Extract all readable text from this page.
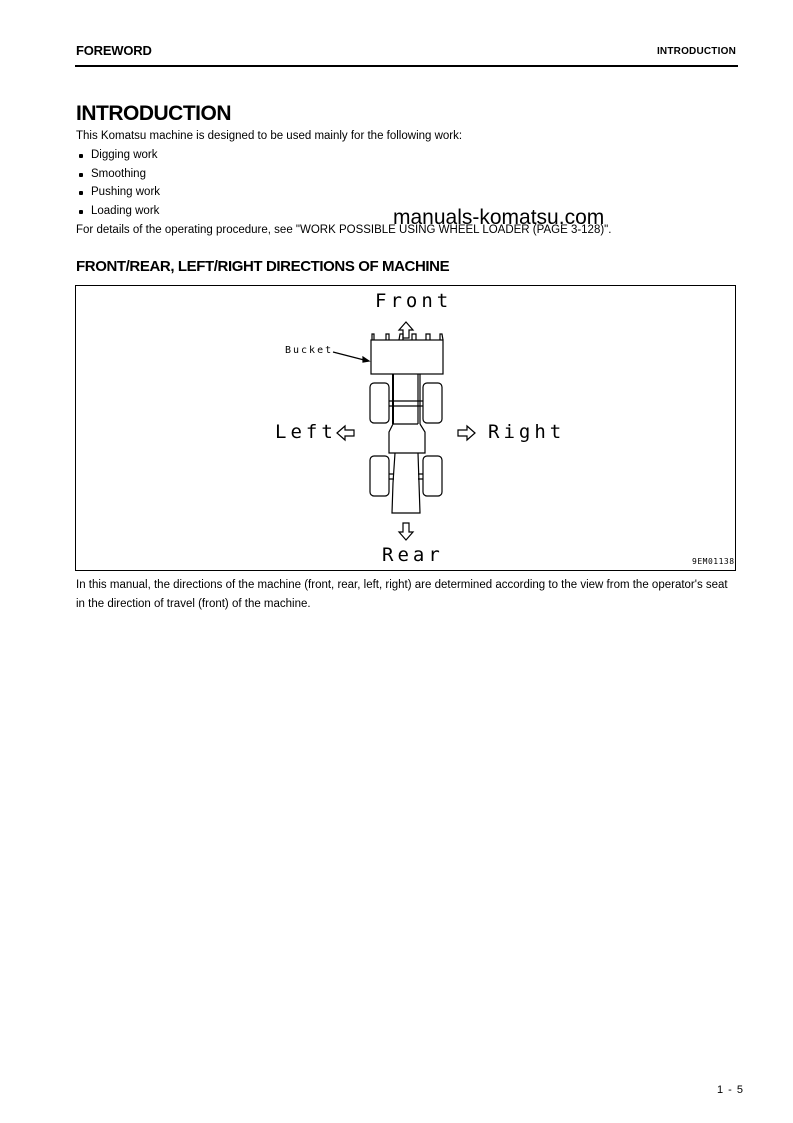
FOREWORD	INTRODUCTION
INTRODUCTION
This Komatsu machine is designed to be used mainly for the following work:
Digging work
Smoothing
Pushing work
Loading work
For details of the operating procedure, see "WORK POSSIBLE USING WHEEL LOADER (PAGE 3-128)".
manuals-komatsu.com
FRONT/REAR, LEFT/RIGHT DIRECTIONS OF MACHINE
Front
Bucket
Left	Right
Rear	9EM01138
In this manual, the directions of the machine (front, rear, left, right) are determined according to the view from the operator's seat in the direction of travel (front) of the machine.
1 - 5
